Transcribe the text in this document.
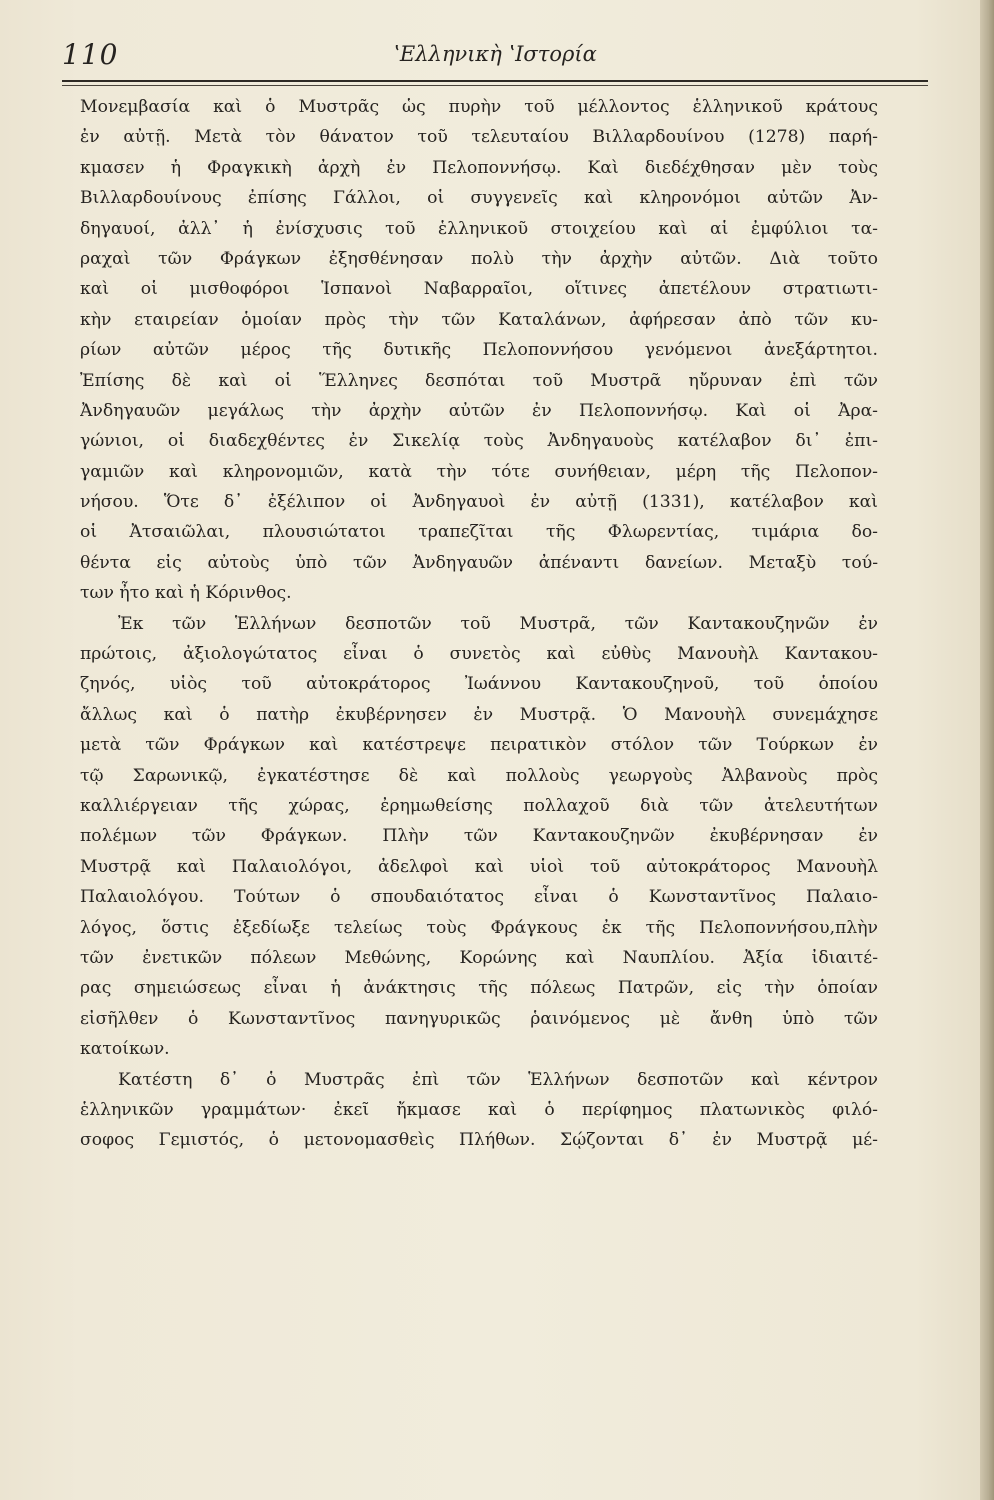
110	ʽΕλληνικὴ ʽΙστορία
Μονεμβασία καὶ ὁ Μυστρᾶς ὡς πυρὴν τοῦ μέλλοντος ἑλληνικοῦ κράτους
ἐν αὐτῇ. Μετὰ τὸν θάνατον τοῦ τελευταίου Βιλλαρδουίνου (1278) παρή-
κμασεν ἡ Φραγκικὴ ἀρχὴ ἐν Πελοποννήσῳ. Καὶ διεδέχθησαν μὲν τοὺς
Βιλλαρδουίνους ἐπίσης Γάλλοι, οἱ συγγενεῖς καὶ κληρονόμοι αὐτῶν Ἀν-
δηγαυοί, ἀλλ᾽ ἡ ἐνίσχυσις τοῦ ἑλληνικοῦ στοιχείου καὶ αἱ ἐμφύλιοι τα-
ραχαὶ τῶν Φράγκων ἐξησθένησαν πολὺ τὴν ἀρχὴν αὐτῶν. Διὰ τοῦτο
καὶ οἱ μισθοφόροι Ἱσπανοὶ Ναβαρραῖοι, οἵτινες ἀπετέλουν στρατιωτι-
κὴν εταιρείαν ὁμοίαν πρὸς τὴν τῶν Καταλάνων, ἀφήρεσαν ἀπὸ τῶν κυ-
ρίων αὐτῶν μέρος τῆς δυτικῆς Πελοποννήσου γενόμενοι ἀνεξάρτητοι.
Ἐπίσης δὲ καὶ οἱ Ἕλληνες δεσπόται τοῦ Μυστρᾶ ηὔρυναν ἐπὶ τῶν
Ἀνδηγαυῶν μεγάλως τὴν ἀρχὴν αὐτῶν ἐν Πελοποννήσῳ. Καὶ οἱ Ἀρα-
γώνιοι, οἱ διαδεχθέντες ἐν Σικελίᾳ τοὺς Ἀνδηγαυοὺς κατέλαβον δι᾽ ἐπι-
γαμιῶν καὶ κληρονομιῶν, κατὰ τὴν τότε συνήθειαν, μέρη τῆς Πελοπον-
νήσου. Ὅτε δ᾽ ἐξέλιπον οἱ Ἀνδηγαυοὶ ἐν αὐτῇ (1331), κατέλαβον καὶ
οἱ Ἀτσαιῶλαι, πλουσιώτατοι τραπεζῖται τῆς Φλωρεντίας, τιμάρια δο-
θέντα εἰς αὐτοὺς ὑπὸ τῶν Ἀνδηγαυῶν ἀπέναντι δανείων. Μεταξὺ τού-
των ἦτο καὶ ἡ Κόρινθος.
Ἐκ τῶν Ἑλλήνων δεσποτῶν τοῦ Μυστρᾶ, τῶν Καντακουζηνῶν ἐν
πρώτοις, ἀξιολογώτατος εἶναι ὁ συνετὸς καὶ εὐθὺς Μανουὴλ Καντακου-
ζηνός, υἱὸς τοῦ αὐτοκράτορος Ἰωάννου Καντακουζηνοῦ, τοῦ ὁποίου
ἄλλως καὶ ὁ πατὴρ ἐκυβέρνησεν ἐν Μυστρᾷ. Ὁ Μανουὴλ συνεμάχησε
μετὰ τῶν Φράγκων καὶ κατέστρεψε πειρατικὸν στόλον τῶν Τούρκων ἐν
τῷ Σαρωνικῷ, ἐγκατέστησε δὲ καὶ πολλοὺς γεωργοὺς Ἀλβανοὺς πρὸς
καλλιέργειαν τῆς χώρας, ἐρημωθείσης πολλαχοῦ διὰ τῶν ἀτελευτήτων
πολέμων τῶν Φράγκων. Πλὴν τῶν Καντακουζηνῶν ἐκυβέρνησαν ἐν
Μυστρᾷ καὶ Παλαιολόγοι, ἀδελφοὶ καὶ υἱοὶ τοῦ αὐτοκράτορος Μανουὴλ
Παλαιολόγου. Τούτων ὁ σπουδαιότατος εἶναι ὁ Κωνσταντῖνος Παλαιο-
λόγος, ὅστις ἐξεδίωξε τελείως τοὺς Φράγκους ἐκ τῆς Πελοποννήσου,πλὴν
τῶν ἐνετικῶν πόλεων Μεθώνης, Κορώνης καὶ Ναυπλίου. Ἀξία ἰδιαιτέ-
ρας σημειώσεως εἶναι ἡ ἀνάκτησις τῆς πόλεως Πατρῶν, εἰς τὴν ὁποίαν
εἰσῆλθεν ὁ Κωνσταντῖνος πανηγυρικῶς ῥαινόμενος μὲ ἄνθη ὑπὸ τῶν
κατοίκων.
Κατέστη δ᾽ ὁ Μυστρᾶς ἐπὶ τῶν Ἑλλήνων δεσποτῶν καὶ κέντρον
ἑλληνικῶν γραμμάτων· ἐκεῖ ἤκμασε καὶ ὁ περίφημος πλατωνικὸς φιλό-
σοφος Γεμιστός, ὁ μετονομασθεὶς Πλήθων. Σῴζονται δ᾽ ἐν Μυστρᾷ μέ-
